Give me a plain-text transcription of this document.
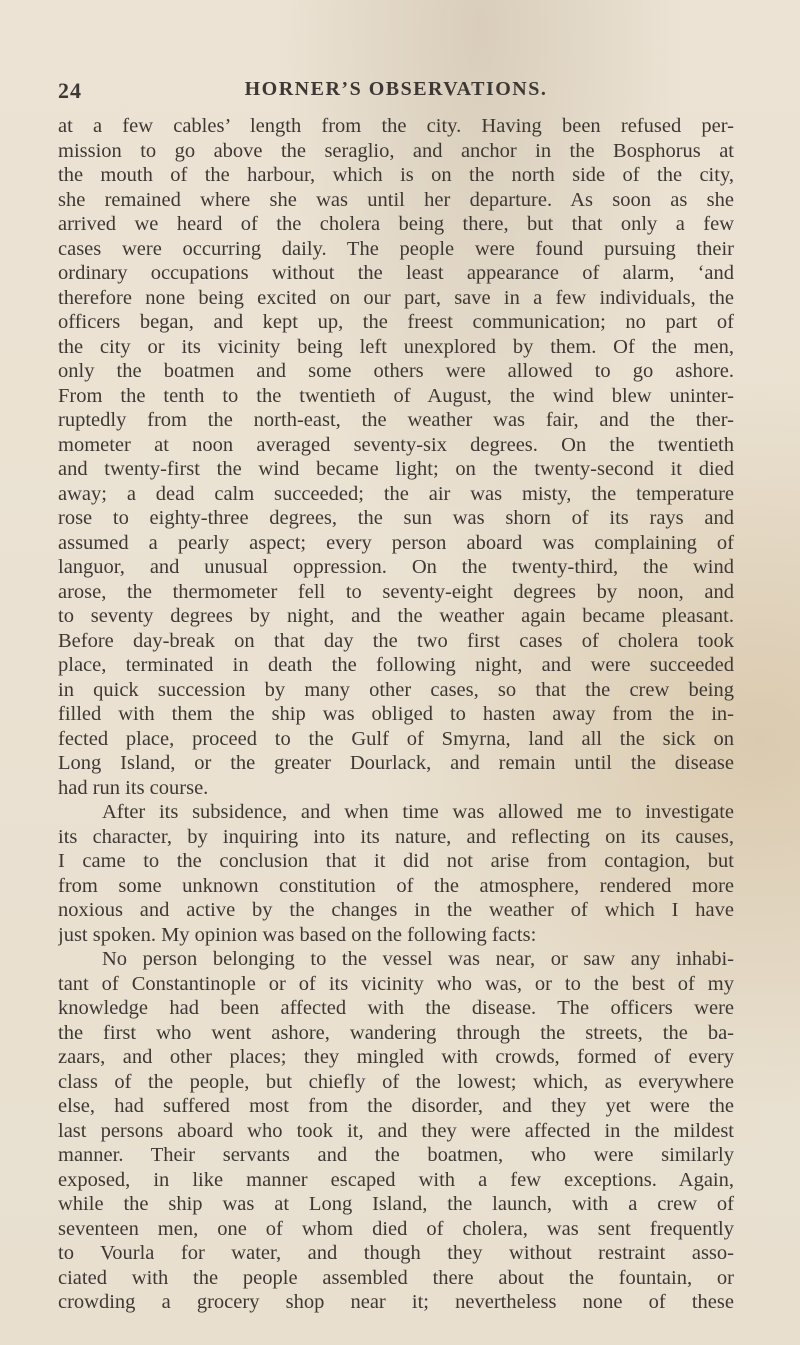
24	HORNER’S OBSERVATIONS.
at a few cables’ length from the city. Having been refused per-
mission to go above the seraglio, and anchor in the Bosphorus at
the mouth of the harbour, which is on the north side of the city,
she remained where she was until her departure. As soon as she
arrived we heard of the cholera being there, but that only a few
cases were occurring daily. The people were found pursuing their
ordinary occupations without the least appearance of alarm, ‘and
therefore none being excited on our part, save in a few individuals, the
officers began, and kept up, the freest communication; no part of
the city or its vicinity being left unexplored by them. Of the men,
only the boatmen and some others were allowed to go ashore.
From the tenth to the twentieth of August, the wind blew uninter-
ruptedly from the north-east, the weather was fair, and the ther-
mometer at noon averaged seventy-six degrees. On the twentieth
and twenty-first the wind became light; on the twenty-second it died
away; a dead calm succeeded; the air was misty, the temperature
rose to eighty-three degrees, the sun was shorn of its rays and
assumed a pearly aspect; every person aboard was complaining of
languor, and unusual oppression. On the twenty-third, the wind
arose, the thermometer fell to seventy-eight degrees by noon, and
to seventy degrees by night, and the weather again became pleasant.
Before day-break on that day the two first cases of cholera took
place, terminated in death the following night, and were succeeded
in quick succession by many other cases, so that the crew being
filled with them the ship was obliged to hasten away from the in-
fected place, proceed to the Gulf of Smyrna, land all the sick on
Long Island, or the greater Dourlack, and remain until the disease
had run its course.
After its subsidence, and when time was allowed me to investigate
its character, by inquiring into its nature, and reflecting on its causes,
I came to the conclusion that it did not arise from contagion, but
from some unknown constitution of the atmosphere, rendered more
noxious and active by the changes in the weather of which I have
just spoken. My opinion was based on the following facts:
No person belonging to the vessel was near, or saw any inhabi-
tant of Constantinople or of its vicinity who was, or to the best of my
knowledge had been affected with the disease. The officers were
the first who went ashore, wandering through the streets, the ba-
zaars, and other places; they mingled with crowds, formed of every
class of the people, but chiefly of the lowest; which, as everywhere
else, had suffered most from the disorder, and they yet were the
last persons aboard who took it, and they were affected in the mildest
manner. Their servants and the boatmen, who were similarly
exposed, in like manner escaped with a few exceptions. Again,
while the ship was at Long Island, the launch, with a crew of
seventeen men, one of whom died of cholera, was sent frequently
to Vourla for water, and though they without restraint asso-
ciated with the people assembled there about the fountain, or
crowding a grocery shop near it; nevertheless none of these
